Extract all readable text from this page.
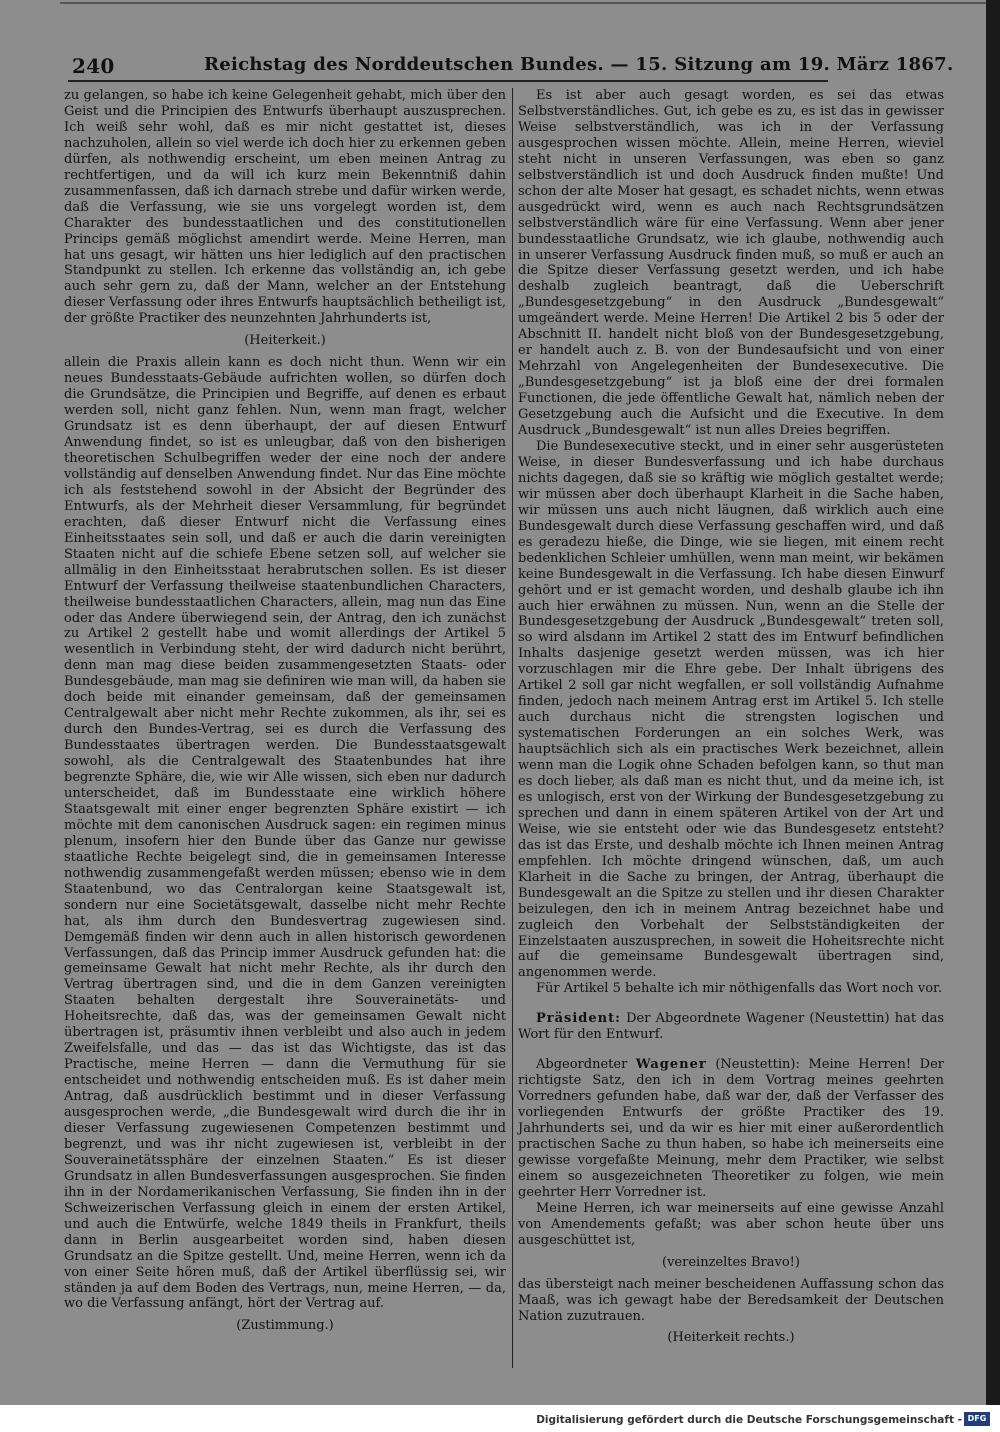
240	Reichstag des Norddeutschen Bundes. — 15. Sitzung am 19. März 1867.

zu gelangen, so habe ich keine Gelegenheit gehabt, mich über den Geist und die Principien des Entwurfs überhaupt auszusprechen. Ich weiß sehr wohl, daß es mir nicht gestattet ist, dieses nachzuholen, allein so viel werde ich doch hier zu erkennen geben dürfen, als nothwendig erscheint, um eben meinen Antrag zu rechtfertigen, und da will ich kurz mein Bekenntniß dahin zusammenfassen, daß ich darnach strebe und dafür wirken werde, daß die Verfassung, wie sie uns vorgelegt worden ist, dem Charakter des bundesstaatlichen und des constitutionellen Princips gemäß möglichst amendirt werde. Meine Herren, man hat uns gesagt, wir hätten uns hier lediglich auf den practischen Standpunkt zu stellen. Ich erkenne das vollständig an, ich gebe auch sehr gern zu, daß der Mann, welcher an der Entstehung dieser Verfassung oder ihres Entwurfs hauptsächlich betheiligt ist, der größte Practiker des neunzehnten Jahrhunderts ist,

(Heiterkeit.)

allein die Praxis allein kann es doch nicht thun. Wenn wir ein neues Bundesstaats-Gebäude aufrichten wollen, so dürfen doch die Grundsätze, die Principien und Begriffe, auf denen es erbaut werden soll, nicht ganz fehlen. Nun, wenn man fragt, welcher Grundsatz ist es denn überhaupt, der auf diesen Entwurf Anwendung findet, so ist es unleugbar, daß von den bisherigen theoretischen Schulbegriffen weder der eine noch der andere vollständig auf denselben Anwendung findet. Nur das Eine möchte ich als feststehend sowohl in der Absicht der Begründer des Entwurfs, als der Mehrheit dieser Versammlung, für begründet erachten, daß dieser Entwurf nicht die Verfassung eines Einheitsstaates sein soll, und daß er auch die darin vereinigten Staaten nicht auf die schiefe Ebene setzen soll, auf welcher sie allmälig in den Einheitsstaat herabrutschen sollen. Es ist dieser Entwurf der Verfassung theilweise staatenbundlichen Characters, theilweise bundesstaatlichen Characters, allein, mag nun das Eine oder das Andere überwiegend sein, der Antrag, den ich zunächst zu Artikel 2 gestellt habe und womit allerdings der Artikel 5 wesentlich in Verbindung steht, der wird dadurch nicht berührt, denn man mag diese beiden zusammengesetzten Staats- oder Bundesgebäude, man mag sie definiren wie man will, da haben sie doch beide mit einander gemeinsam, daß der gemeinsamen Centralgewalt aber nicht mehr Rechte zukommen, als ihr, sei es durch den Bundes-Vertrag, sei es durch die Verfassung des Bundesstaates übertragen werden. Die Bundesstaatsgewalt sowohl, als die Centralgewalt des Staatenbundes hat ihre begrenzte Sphäre, die, wie wir Alle wissen, sich eben nur dadurch unterscheidet, daß im Bundesstaate eine wirklich höhere Staatsgewalt mit einer enger begrenzten Sphäre existirt — ich möchte mit dem canonischen Ausdruck sagen: ein regimen minus plenum, insofern hier den Bunde über das Ganze nur gewisse staatliche Rechte beigelegt sind, die in gemeinsamen Interesse nothwendig zusammengefaßt werden müssen; ebenso wie in dem Staatenbund, wo das Centralorgan keine Staatsgewalt ist, sondern nur eine Societätsgewalt, dasselbe nicht mehr Rechte hat, als ihm durch den Bundesvertrag zugewiesen sind. Demgemäß finden wir denn auch in allen historisch gewordenen Verfassungen, daß das Princip immer Ausdruck gefunden hat: die gemeinsame Gewalt hat nicht mehr Rechte, als ihr durch den Vertrag übertragen sind, und die in dem Ganzen vereinigten Staaten behalten dergestalt ihre Souverainetäts- und Hoheitsrechte, daß das, was der gemeinsamen Gewalt nicht übertragen ist, präsumtiv ihnen verbleibt und also auch in jedem Zweifelsfalle, und das — das ist das Wichtigste, das ist das Practische, meine Herren — dann die Vermuthung für sie entscheidet und nothwendig entscheiden muß. Es ist daher mein Antrag, daß ausdrücklich bestimmt und in dieser Verfassung ausgesprochen werde, „die Bundesgewalt wird durch die ihr in dieser Verfassung zugewiesenen Competenzen bestimmt und begrenzt, und was ihr nicht zugewiesen ist, verbleibt in der Souverainetätssphäre der einzelnen Staaten.“ Es ist dieser Grundsatz in allen Bundesverfassungen ausgesprochen. Sie finden ihn in der Nordamerikanischen Verfassung, Sie finden ihn in der Schweizerischen Verfassung gleich in einem der ersten Artikel, und auch die Entwürfe, welche 1849 theils in Frankfurt, theils dann in Berlin ausgearbeitet worden sind, haben diesen Grundsatz an die Spitze gestellt. Und, meine Herren, wenn ich da von einer Seite hören muß, daß der Artikel überflüssig sei, wir ständen ja auf dem Boden des Vertrags, nun, meine Herren, — da, wo die Verfassung anfängt, hört der Vertrag auf.

(Zustimmung.)

Es ist aber auch gesagt worden, es sei das etwas Selbstverständliches. Gut, ich gebe es zu, es ist das in gewisser Weise selbstverständlich, was ich in der Verfassung ausgesprochen wissen möchte. Allein, meine Herren, wieviel steht nicht in unseren Verfassungen, was eben so ganz selbstverständlich ist und doch Ausdruck finden mußte! Und schon der alte Moser hat gesagt, es schadet nichts, wenn etwas ausgedrückt wird, wenn es auch nach Rechtsgrundsätzen selbstverständlich wäre für eine Verfassung. Wenn aber jener bundesstaatliche Grundsatz, wie ich glaube, nothwendig auch in unserer Verfassung Ausdruck finden muß, so muß er auch an die Spitze dieser Verfassung gesetzt werden, und ich habe deshalb zugleich beantragt, daß die Ueberschrift „Bundesgesetzgebung“ in den Ausdruck „Bundesgewalt“ umgeändert werde. Meine Herren! Die Artikel 2 bis 5 oder der Abschnitt II. handelt nicht bloß von der Bundesgesetzgebung, er handelt auch z. B. von der Bundesaufsicht und von einer Mehrzahl von Angelegenheiten der Bundesexecutive. Die „Bundesgesetzgebung“ ist ja bloß eine der drei formalen Functionen, die jede öffentliche Gewalt hat, nämlich neben der Gesetzgebung auch die Aufsicht und die Executive. In dem Ausdruck „Bundesgewalt“ ist nun alles Dreies begriffen.

Die Bundesexecutive steckt, und in einer sehr ausgerüsteten Weise, in dieser Bundesverfassung und ich habe durchaus nichts dagegen, daß sie so kräftig wie möglich gestaltet werde; wir müssen aber doch überhaupt Klarheit in die Sache haben, wir müssen uns auch nicht läugnen, daß wirklich auch eine Bundesgewalt durch diese Verfassung geschaffen wird, und daß es geradezu hieße, die Dinge, wie sie liegen, mit einem recht bedenklichen Schleier umhüllen, wenn man meint, wir bekämen keine Bundesgewalt in die Verfassung. Ich habe diesen Einwurf gehört und er ist gemacht worden, und deshalb glaube ich ihn auch hier erwähnen zu müssen. Nun, wenn an die Stelle der Bundesgesetzgebung der Ausdruck „Bundesgewalt“ treten soll, so wird alsdann im Artikel 2 statt des im Entwurf befindlichen Inhalts dasjenige gesetzt werden müssen, was ich hier vorzuschlagen mir die Ehre gebe. Der Inhalt übrigens des Artikel 2 soll gar nicht wegfallen, er soll vollständig Aufnahme finden, jedoch nach meinem Antrag erst im Artikel 5. Ich stelle auch durchaus nicht die strengsten logischen und systematischen Forderungen an ein solches Werk, was hauptsächlich sich als ein practisches Werk bezeichnet, allein wenn man die Logik ohne Schaden befolgen kann, so thut man es doch lieber, als daß man es nicht thut, und da meine ich, ist es unlogisch, erst von der Wirkung der Bundesgesetzgebung zu sprechen und dann in einem späteren Artikel von der Art und Weise, wie sie entsteht oder wie das Bundesgesetz entsteht? das ist das Erste, und deshalb möchte ich Ihnen meinen Antrag empfehlen. Ich möchte dringend wünschen, daß, um auch Klarheit in die Sache zu bringen, der Antrag, überhaupt die Bundesgewalt an die Spitze zu stellen und ihr diesen Charakter beizulegen, den ich in meinem Antrag bezeichnet habe und zugleich den Vorbehalt der Selbstständigkeiten der Einzelstaaten auszusprechen, in soweit die Hoheitsrechte nicht auf die gemeinsame Bundesgewalt übertragen sind, angenommen werde.

Für Artikel 5 behalte ich mir nöthigenfalls das Wort noch vor.

Präsident: Der Abgeordnete Wagener (Neustettin) hat das Wort für den Entwurf.

Abgeordneter Wagener (Neustettin): Meine Herren! Der richtigste Satz, den ich in dem Vortrag meines geehrten Vorredners gefunden habe, daß war der, daß der Verfasser des vorliegenden Entwurfs der größte Practiker des 19. Jahrhunderts sei, und da wir es hier mit einer außerordentlich practischen Sache zu thun haben, so habe ich meinerseits eine gewisse vorgefaßte Meinung, mehr dem Practiker, wie selbst einem so ausgezeichneten Theoretiker zu folgen, wie mein geehrter Herr Vorredner ist.

Meine Herren, ich war meinerseits auf eine gewisse Anzahl von Amendements gefaßt; was aber schon heute über uns ausgeschüttet ist,

(vereinzeltes Bravo!)

das übersteigt nach meiner bescheidenen Auffassung schon das Maaß, was ich gewagt habe der Beredsamkeit der Deutschen Nation zuzutrauen.

(Heiterkeit rechts.)

Digitalisierung gefördert durch die Deutsche Forschungsgemeinschaft - DFG
